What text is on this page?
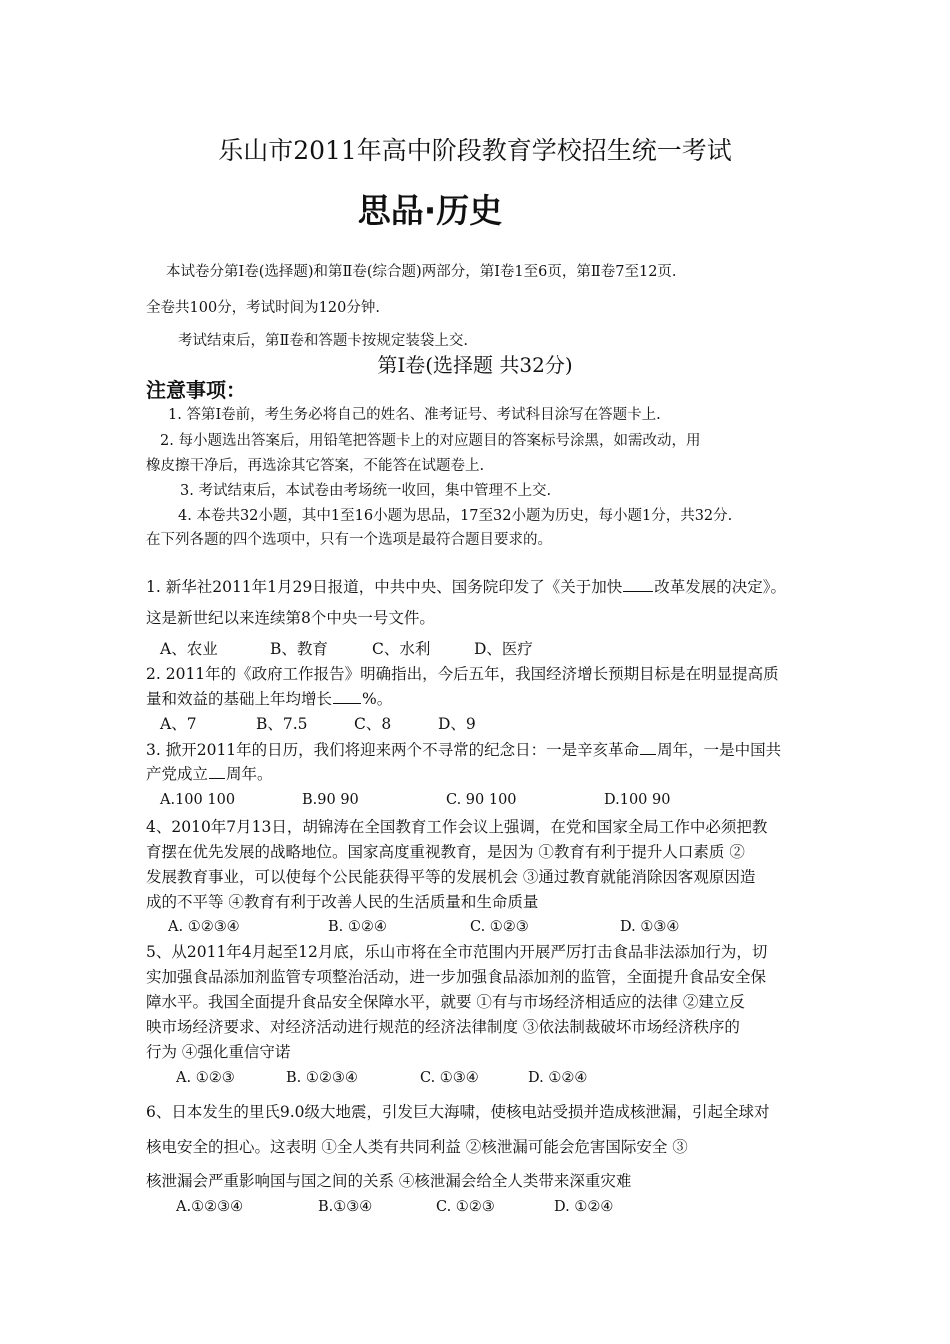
乐山市2011年高中阶段教育学校招生统一考试
思品·历史
本试卷分第Ⅰ卷(选择题)和第Ⅱ卷(综合题)两部分，第Ⅰ卷1至6页，第Ⅱ卷7至12页.
全卷共100分，考试时间为120分钟.
考试结束后，第Ⅱ卷和答题卡按规定装袋上交.
第Ⅰ卷(选择题 共32分)
注意事项：
1. 答第Ⅰ卷前，考生务必将自己的姓名、准考证号、考试科目涂写在答题卡上.
2. 每小题选出答案后，用铅笔把答题卡上的对应题目的答案标号涂黑，如需改动，用
橡皮擦干净后，再选涂其它答案，不能答在试题卷上.
3. 考试结束后，本试卷由考场统一收回，集中管理不上交.
4. 本卷共32小题，其中1至16小题为思品，17至32小题为历史，每小题1分，共32分.
在下列各题的四个选项中，只有一个选项是最符合题目要求的。
1. 新华社2011年1月29日报道，中共中央、国务院印发了《关于加快 改革发展的决定》。
这是新世纪以来连续第8个中央一号文件。
A、农业	B、教育	C、水利	D、医疗
2. 2011年的《政府工作报告》明确指出，今后五年，我国经济增长预期目标是在明显提高质
量和效益的基础上年均增长 %。
A、7	B、7.5	C、8	D、9
3. 掀开2011年的日历，我们将迎来两个不寻常的纪念日：一是辛亥革命 周年，一是中国共
产党成立 周年。
A.100 100	B.90 90	C. 90 100	D.100 90
4、2010年7月13日，胡锦涛在全国教育工作会议上强调，在党和国家全局工作中必须把教
育摆在优先发展的战略地位。国家高度重视教育，是因为 ①教育有利于提升人口素质 ②
发展教育事业，可以使每个公民能获得平等的发展机会 ③通过教育就能消除因客观原因造
成的不平等 ④教育有利于改善人民的生活质量和生命质量
A. ①②③④	B. ①②④	C. ①②③	D. ①③④
5、从2011年4月起至12月底，乐山市将在全市范围内开展严厉打击食品非法添加行为，切
实加强食品添加剂监管专项整治活动，进一步加强食品添加剂的监管，全面提升食品安全保
障水平。我国全面提升食品安全保障水平，就要 ①有与市场经济相适应的法律 ②建立反
映市场经济要求、对经济活动进行规范的经济法律制度 ③依法制裁破坏市场经济秩序的
行为 ④强化重信守诺
A. ①②③	B. ①②③④	C. ①③④	D. ①②④
6、日本发生的里氏9.0级大地震，引发巨大海啸，使核电站受损并造成核泄漏，引起全球对
核电安全的担心。这表明 ①全人类有共同利益 ②核泄漏可能会危害国际安全 ③
核泄漏会严重影响国与国之间的关系 ④核泄漏会给全人类带来深重灾难
A.①②③④	B.①③④	C. ①②③	D. ①②④
